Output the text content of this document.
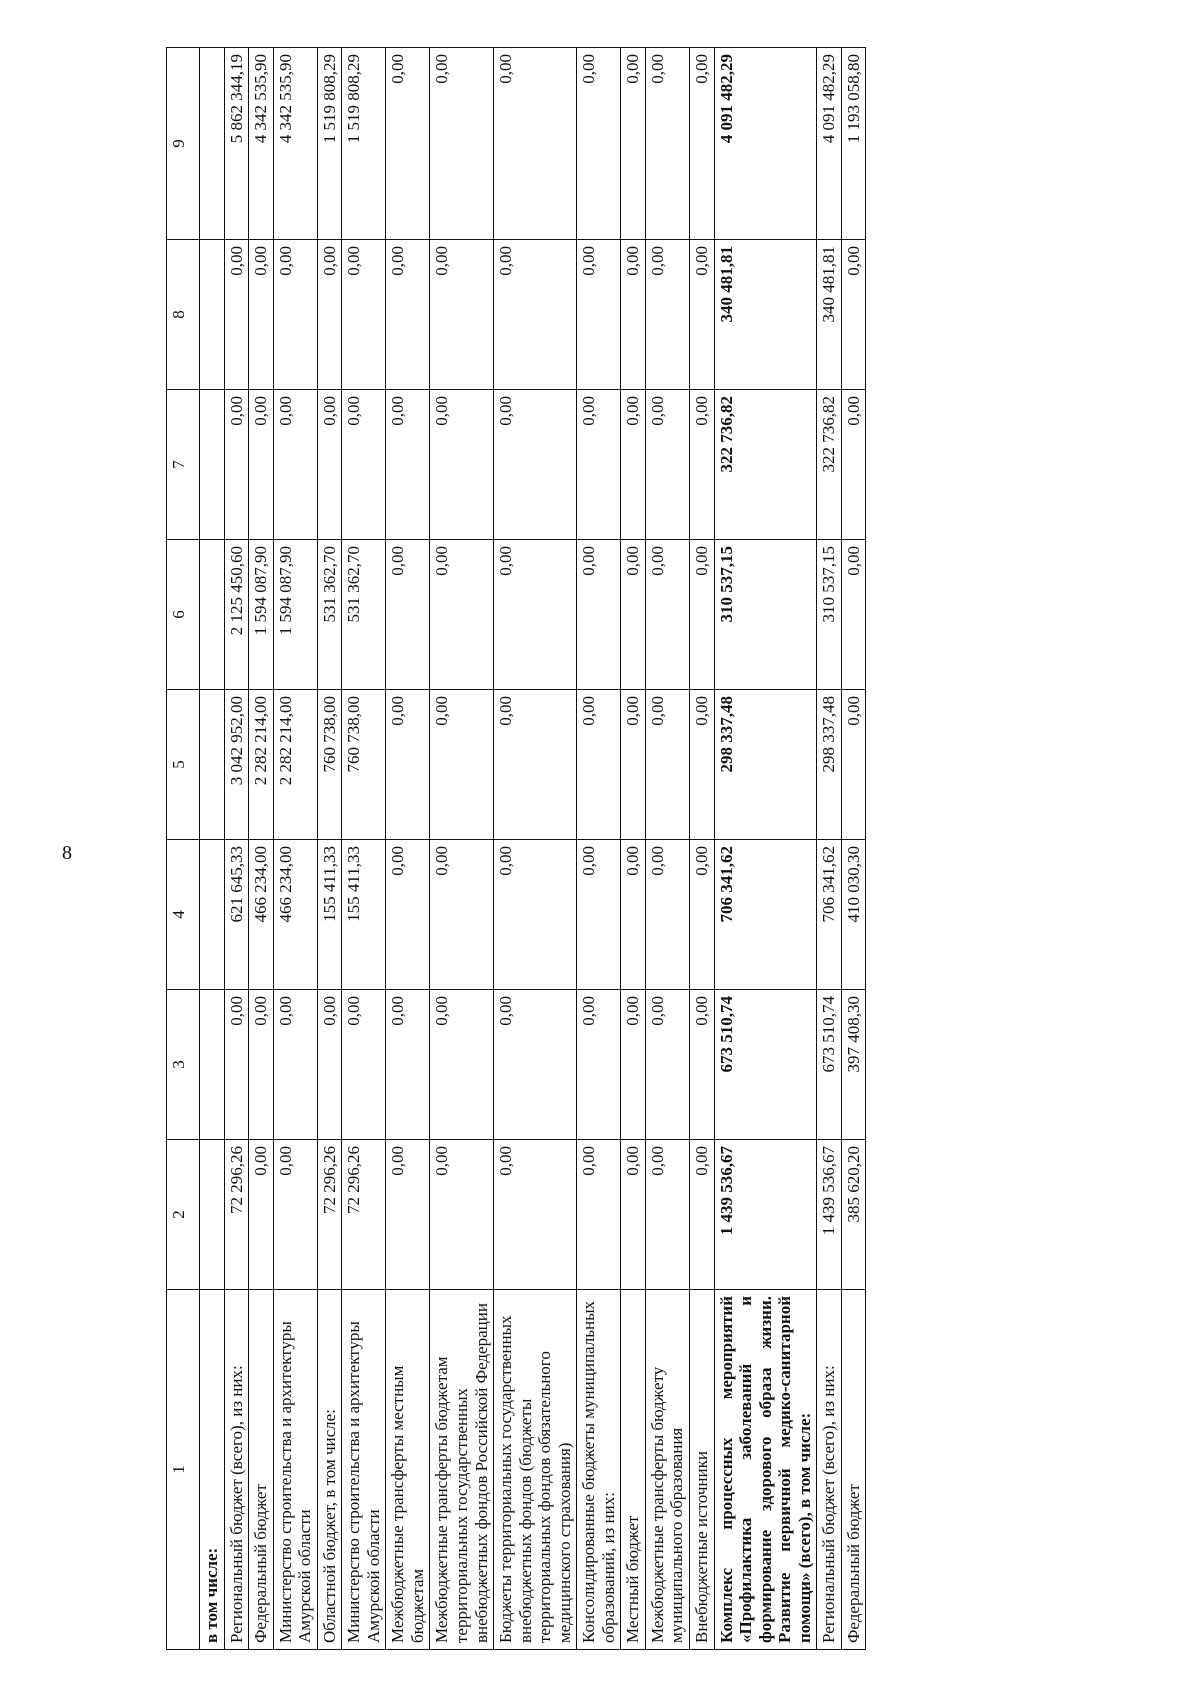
8
1	2	3	4	5	6	7	8	9
в том числе:								
Региональный бюджет (всего), из них:	72 296,26	0,00	621 645,33	3 042 952,00	2 125 450,60	0,00	0,00	5 862 344,19
Федеральный бюджет	0,00	0,00	466 234,00	2 282 214,00	1 594 087,90	0,00	0,00	4 342 535,90
Министерство строительства и архитектуры Амурской области	0,00	0,00	466 234,00	2 282 214,00	1 594 087,90	0,00	0,00	4 342 535,90
Областной бюджет, в том числе:	72 296,26	0,00	155 411,33	760 738,00	531 362,70	0,00	0,00	1 519 808,29
Министерство строительства и архитектуры Амурской области	72 296,26	0,00	155 411,33	760 738,00	531 362,70	0,00	0,00	1 519 808,29
Межбюджетные трансферты местным бюджетам	0,00	0,00	0,00	0,00	0,00	0,00	0,00	0,00
Межбюджетные трансферты бюджетам территориальных государственных внебюджетных фондов Российской Федерации	0,00	0,00	0,00	0,00	0,00	0,00	0,00	0,00
Бюджеты территориальных государственных внебюджетных фондов (бюджеты территориальных фондов обязательного медицинского страхования)	0,00	0,00	0,00	0,00	0,00	0,00	0,00	0,00
Консолидированные бюджеты муниципальных образований, из них:	0,00	0,00	0,00	0,00	0,00	0,00	0,00	0,00
Местный бюджет	0,00	0,00	0,00	0,00	0,00	0,00	0,00	0,00
Межбюджетные трансферты бюджету муниципального образования	0,00	0,00	0,00	0,00	0,00	0,00	0,00	0,00
Внебюджетные источники	0,00	0,00	0,00	0,00	0,00	0,00	0,00	0,00
Комплекс процессных мероприятий «Профилактика заболеваний и формирование здорового образа жизни. Развитие первичной медико-санитарной помощи» (всего), в том числе:	1 439 536,67	673 510,74	706 341,62	298 337,48	310 537,15	322 736,82	340 481,81	4 091 482,29
Региональный бюджет (всего), из них:	1 439 536,67	673 510,74	706 341,62	298 337,48	310 537,15	322 736,82	340 481,81	4 091 482,29
Федеральный бюджет	385 620,20	397 408,30	410 030,30	0,00	0,00	0,00	0,00	1 193 058,80
